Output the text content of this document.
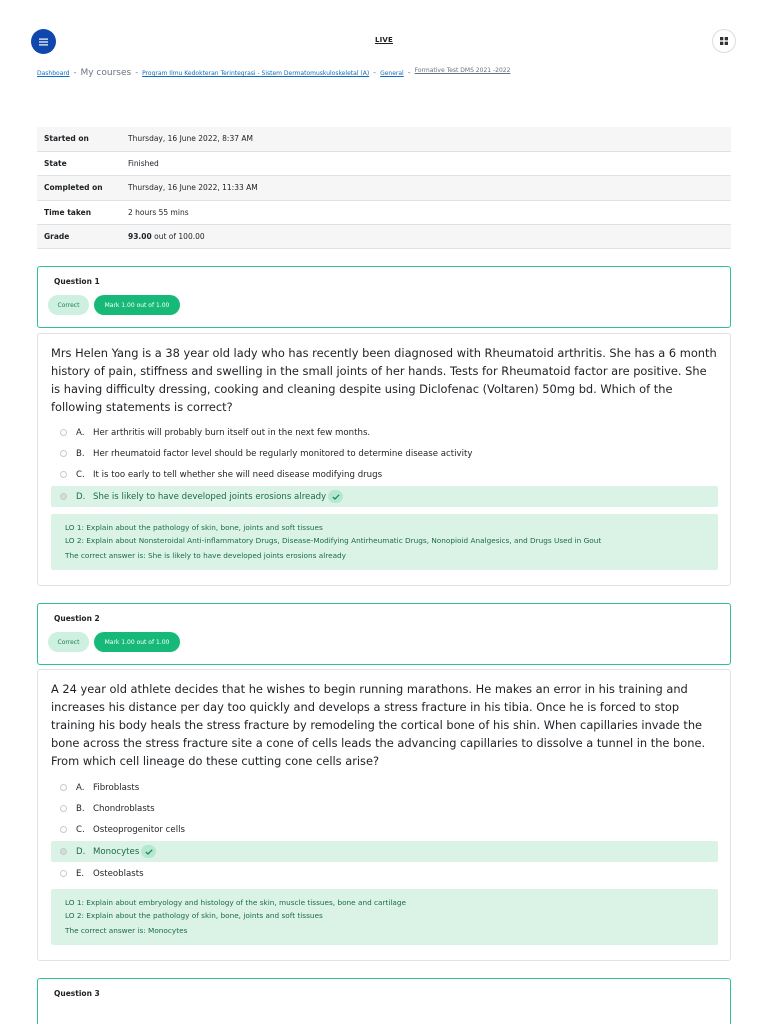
LIVE
Dashboard - My courses - Program Ilmu Kedokteran Terintegrasi - Sistem Dermatomuskuloskeletal (A) - General - Formative Test DMS 2021 -2022
Started on	Thursday, 16 June 2022, 8:37 AM
State	Finished
Completed on	Thursday, 16 June 2022, 11:33 AM
Time taken	2 hours 55 mins
Grade	93.00 out of 100.00
Question 1
Correct	Mark 1.00 out of 1.00
Mrs Helen Yang is a 38 year old lady who has recently been diagnosed with Rheumatoid arthritis. She has a 6 month history of pain, stiffness and swelling in the small joints of her hands. Tests for Rheumatoid factor are positive. She is having difficulty dressing, cooking and cleaning despite using Diclofenac (Voltaren) 50mg bd. Which of the following statements is correct?
A. Her arthritis will probably burn itself out in the next few months.
B. Her rheumatoid factor level should be regularly monitored to determine disease activity
C. It is too early to tell whether she will need disease modifying drugs
D. She is likely to have developed joints erosions already
LO 1: Explain about the pathology of skin, bone, joints and soft tissues
LO 2: Explain about Nonsteroidal Anti-inflammatory Drugs, Disease-Modifying Antirheumatic Drugs, Nonopioid Analgesics, and Drugs Used in Gout
The correct answer is: She is likely to have developed joints erosions already
Question 2
Correct	Mark 1.00 out of 1.00
A 24 year old athlete decides that he wishes to begin running marathons. He makes an error in his training and increases his distance per day too quickly and develops a stress fracture in his tibia. Once he is forced to stop training his body heals the stress fracture by remodeling the cortical bone of his shin. When capillaries invade the bone across the stress fracture site a cone of cells leads the advancing capillaries to dissolve a tunnel in the bone. From which cell lineage do these cutting cone cells arise?
A. Fibroblasts
B. Chondroblasts
C. Osteoprogenitor cells
D. Monocytes
E.	Osteoblasts
LO 1: Explain about embryology and histology of the skin, muscle tissues, bone and cartilage
LO 2: Explain about the pathology of skin, bone, joints and soft tissues
The correct answer is: Monocytes
Question 3
